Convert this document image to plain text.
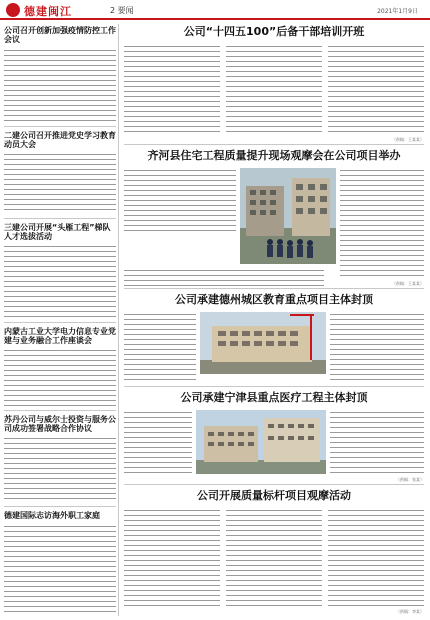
德建闽江	2 要闻	2021年1月9日
公司召开创新加强疫情防控工作会议
二建公司召开推进党史学习教育动员大会
三建公司开展“头雁工程”梯队人才选拔活动
内蒙古工业大学电力信息专业党建与业务融合工作座谈会
苏丹公司与威尔士投资与服务公司成功签署战略合作协议
德建国际志访海外职工家庭
公司“十四五100”后备干部培训开班
（供稿：王某某）
齐河县住宅工程质量提升现场观摩会在公司项目举办
（供稿：王某某）
公司承建德州城区教育重点项目主体封顶
公司承建宁津县重点医疗工程主体封顶
（供稿：张某）
公司开展质量标杆项目观摩活动
（供稿：李某）
